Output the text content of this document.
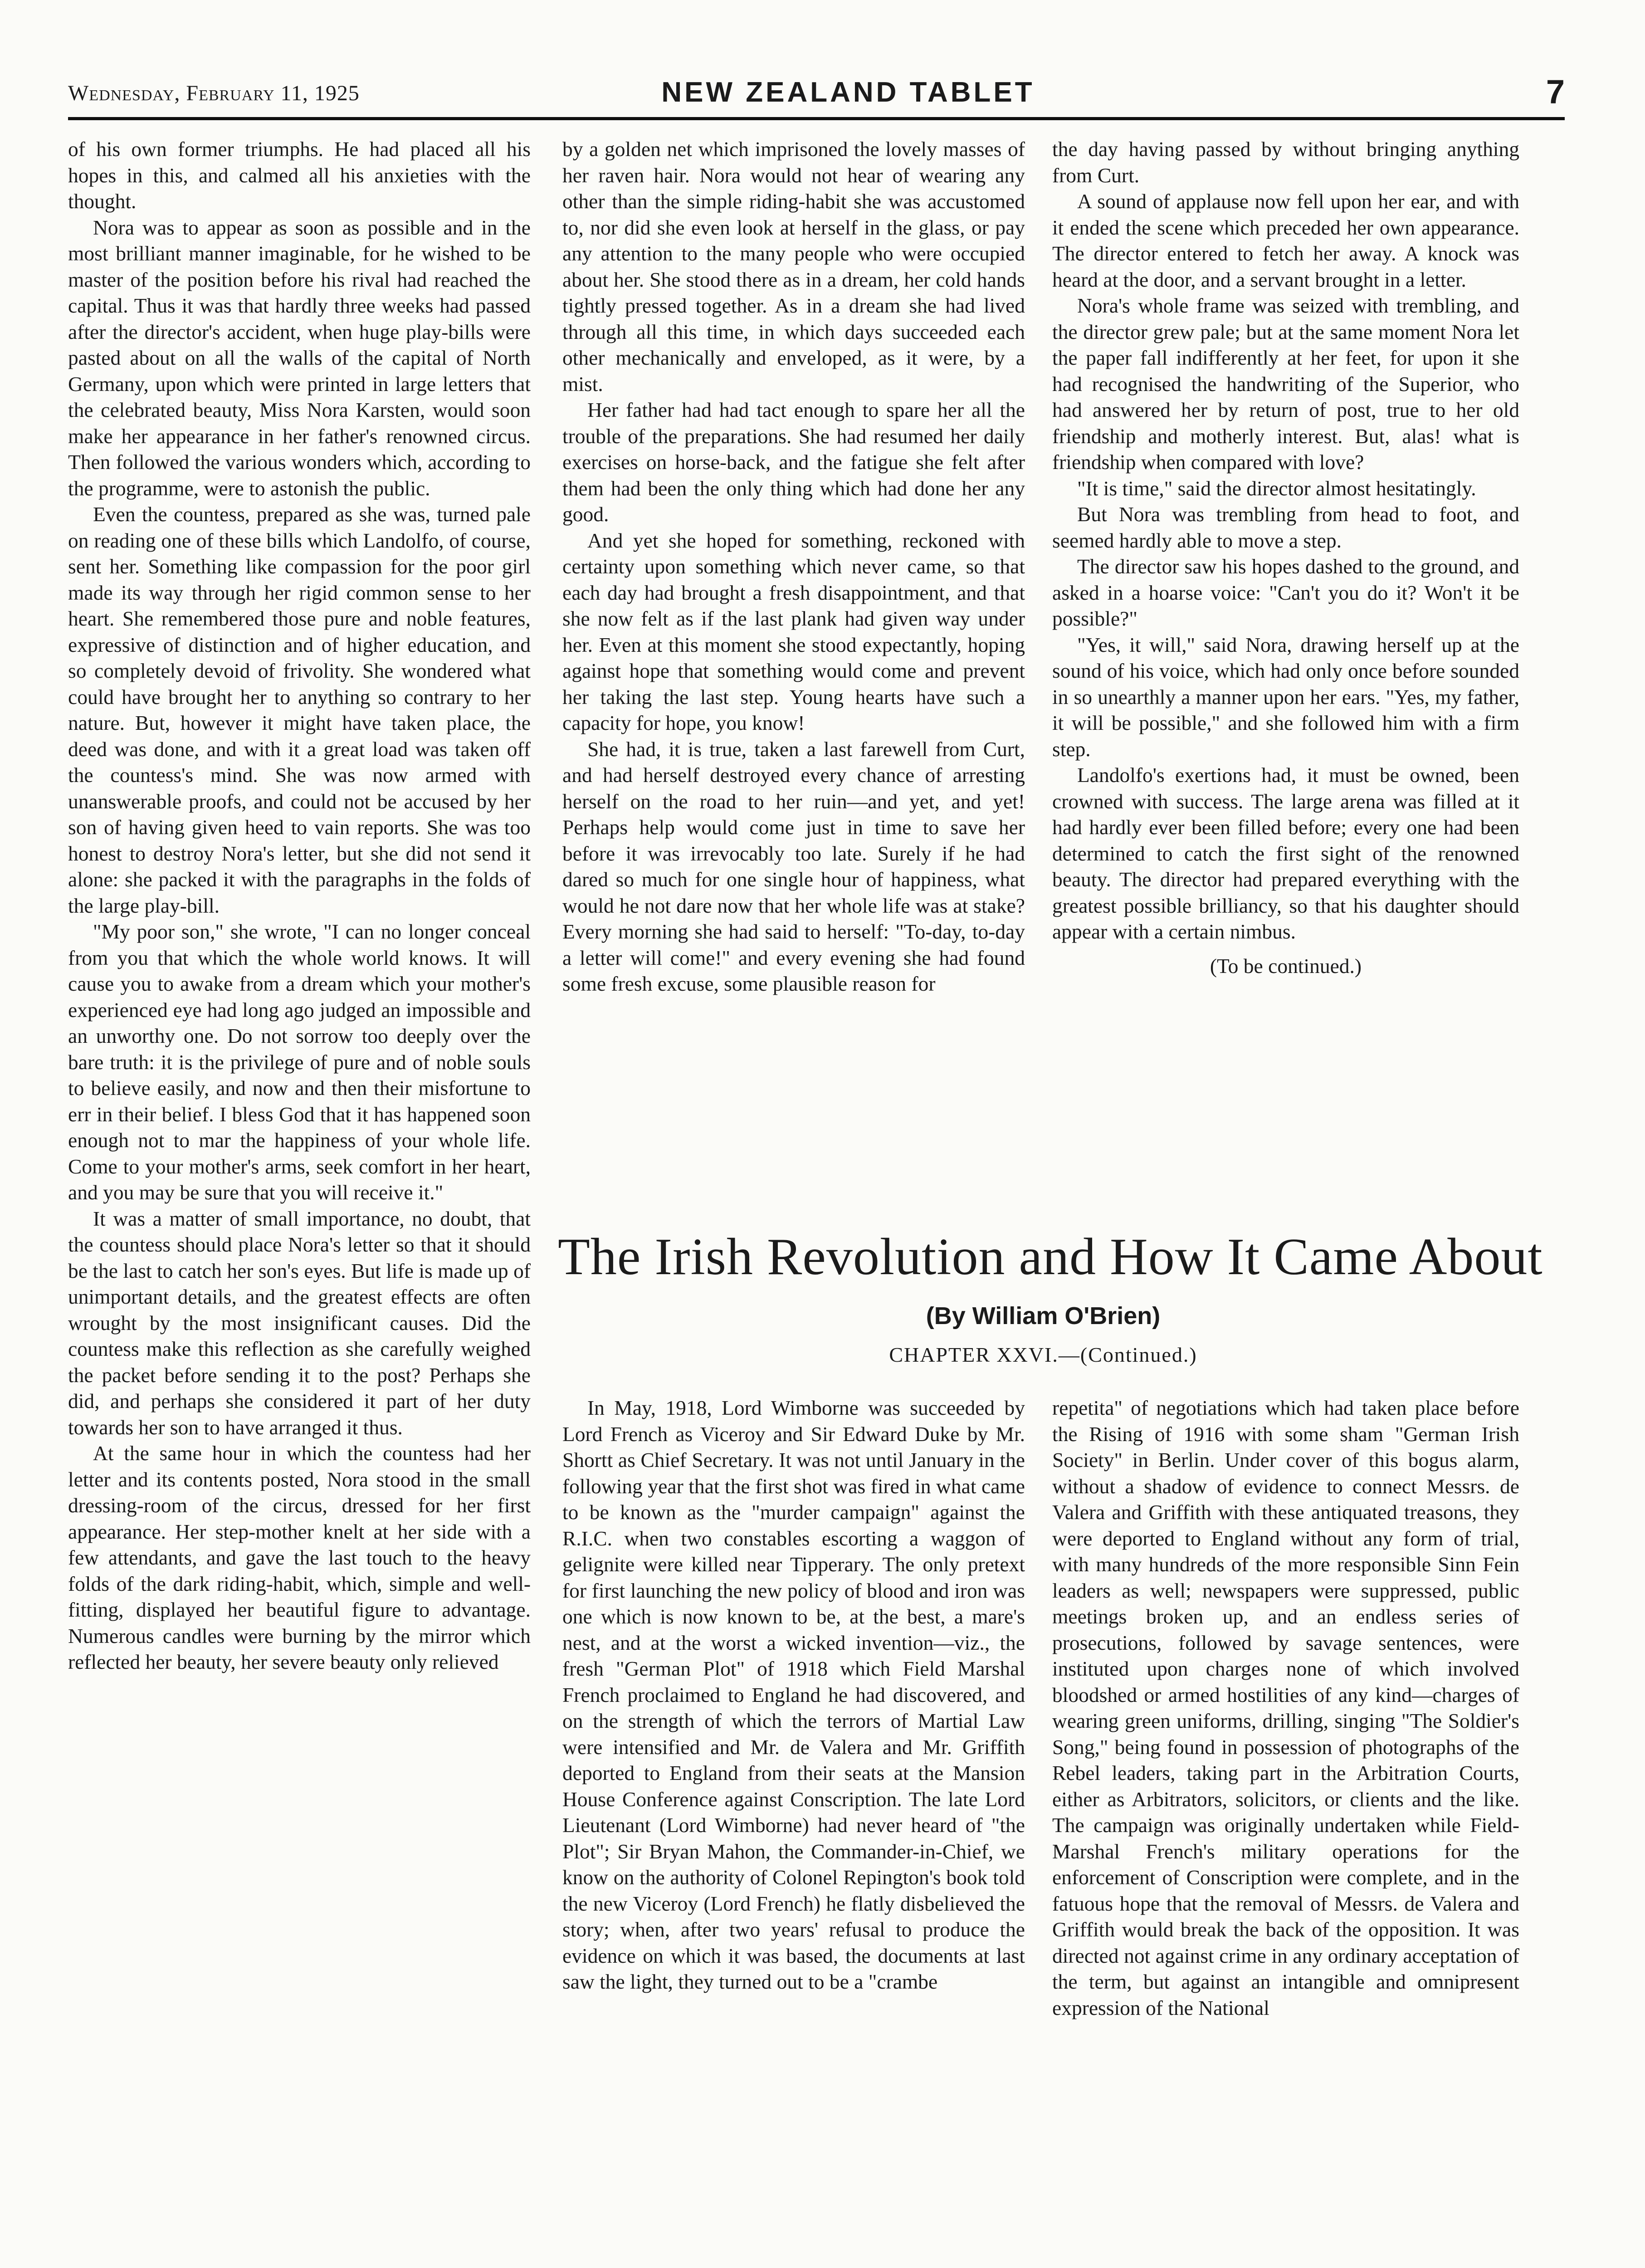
Wednesday, February 11, 1925	NEW ZEALAND TABLET	7

of his own former triumphs. He had placed all his hopes in this, and calmed all his anxieties with the thought.

Nora was to appear as soon as possible and in the most brilliant manner imaginable, for he wished to be master of the position before his rival had reached the capital. Thus it was that hardly three weeks had passed after the director's accident, when huge play-bills were pasted about on all the walls of the capital of North Germany, upon which were printed in large letters that the celebrated beauty, Miss Nora Karsten, would soon make her appearance in her father's renowned circus. Then followed the various wonders which, according to the programme, were to astonish the public.

Even the countess, prepared as she was, turned pale on reading one of these bills which Landolfo, of course, sent her. Something like compassion for the poor girl made its way through her rigid common sense to her heart. She remembered those pure and noble features, expressive of distinction and of higher education, and so completely devoid of frivolity. She wondered what could have brought her to anything so contrary to her nature. But, however it might have taken place, the deed was done, and with it a great load was taken off the countess's mind. She was now armed with unanswerable proofs, and could not be accused by her son of having given heed to vain reports. She was too honest to destroy Nora's letter, but she did not send it alone: she packed it with the paragraphs in the folds of the large play-bill.

"My poor son," she wrote, "I can no longer conceal from you that which the whole world knows. It will cause you to awake from a dream which your mother's experienced eye had long ago judged an impossible and an unworthy one. Do not sorrow too deeply over the bare truth: it is the privilege of pure and of noble souls to believe easily, and now and then their misfortune to err in their belief. I bless God that it has happened soon enough not to mar the happiness of your whole life. Come to your mother's arms, seek comfort in her heart, and you may be sure that you will receive it."

It was a matter of small importance, no doubt, that the countess should place Nora's letter so that it should be the last to catch her son's eyes. But life is made up of unimportant details, and the greatest effects are often wrought by the most insignificant causes. Did the countess make this reflection as she carefully weighed the packet before sending it to the post? Perhaps she did, and perhaps she considered it part of her duty towards her son to have arranged it thus.

At the same hour in which the countess had her letter and its contents posted, Nora stood in the small dressing-room of the circus, dressed for her first appearance. Her step-mother knelt at her side with a few attendants, and gave the last touch to the heavy folds of the dark riding-habit, which, simple and well-fitting, displayed her beautiful figure to advantage. Numerous candles were burning by the mirror which reflected her beauty, her severe beauty only relieved

by a golden net which imprisoned the lovely masses of her raven hair. Nora would not hear of wearing any other than the simple riding-habit she was accustomed to, nor did she even look at herself in the glass, or pay any attention to the many people who were occupied about her. She stood there as in a dream, her cold hands tightly pressed together. As in a dream she had lived through all this time, in which days succeeded each other mechanically and enveloped, as it were, by a mist.

Her father had had tact enough to spare her all the trouble of the preparations. She had resumed her daily exercises on horse-back, and the fatigue she felt after them had been the only thing which had done her any good.

And yet she hoped for something, reckoned with certainty upon something which never came, so that each day had brought a fresh disappointment, and that she now felt as if the last plank had given way under her. Even at this moment she stood expectantly, hoping against hope that something would come and prevent her taking the last step. Young hearts have such a capacity for hope, you know!

She had, it is true, taken a last farewell from Curt, and had herself destroyed every chance of arresting herself on the road to her ruin—and yet, and yet! Perhaps help would come just in time to save her before it was irrevocably too late. Surely if he had dared so much for one single hour of happiness, what would he not dare now that her whole life was at stake? Every morning she had said to herself: "To-day, to-day a letter will come!" and every evening she had found some fresh excuse, some plausible reason for

the day having passed by without bringing anything from Curt.

A sound of applause now fell upon her ear, and with it ended the scene which preceded her own appearance. The director entered to fetch her away. A knock was heard at the door, and a servant brought in a letter.

Nora's whole frame was seized with trembling, and the director grew pale; but at the same moment Nora let the paper fall indifferently at her feet, for upon it she had recognised the handwriting of the Superior, who had answered her by return of post, true to her old friendship and motherly interest. But, alas! what is friendship when compared with love?

"It is time," said the director almost hesitatingly.

But Nora was trembling from head to foot, and seemed hardly able to move a step.

The director saw his hopes dashed to the ground, and asked in a hoarse voice: "Can't you do it? Won't it be possible?"

"Yes, it will," said Nora, drawing herself up at the sound of his voice, which had only once before sounded in so unearthly a manner upon her ears. "Yes, my father, it will be possible," and she followed him with a firm step.

Landolfo's exertions had, it must be owned, been crowned with success. The large arena was filled at it had hardly ever been filled before; every one had been determined to catch the first sight of the renowned beauty. The director had prepared everything with the greatest possible brilliancy, so that his daughter should appear with a certain nimbus.

(To be continued.)

The Irish Revolution and How It Came About
(By William O'Brien)
CHAPTER XXVI.—(Continued.)

In May, 1918, Lord Wimborne was succeeded by Lord French as Viceroy and Sir Edward Duke by Mr. Shortt as Chief Secretary. It was not until January in the following year that the first shot was fired in what came to be known as the "murder campaign" against the R.I.C. when two constables escorting a waggon of gelignite were killed near Tipperary. The only pretext for first launching the new policy of blood and iron was one which is now known to be, at the best, a mare's nest, and at the worst a wicked invention—viz., the fresh "German Plot" of 1918 which Field Marshal French proclaimed to England he had discovered, and on the strength of which the terrors of Martial Law were intensified and Mr. de Valera and Mr. Griffith deported to England from their seats at the Mansion House Conference against Conscription. The late Lord Lieutenant (Lord Wimborne) had never heard of "the Plot"; Sir Bryan Mahon, the Commander-in-Chief, we know on the authority of Colonel Repington's book told the new Viceroy (Lord French) he flatly disbelieved the story; when, after two years' refusal to produce the evidence on which it was based, the documents at last saw the light, they turned out to be a "crambe

repetita" of negotiations which had taken place before the Rising of 1916 with some sham "German Irish Society" in Berlin. Under cover of this bogus alarm, without a shadow of evidence to connect Messrs. de Valera and Griffith with these antiquated treasons, they were deported to England without any form of trial, with many hundreds of the more responsible Sinn Fein leaders as well; newspapers were suppressed, public meetings broken up, and an endless series of prosecutions, followed by savage sentences, were instituted upon charges none of which involved bloodshed or armed hostilities of any kind—charges of wearing green uniforms, drilling, singing "The Soldier's Song," being found in possession of photographs of the Rebel leaders, taking part in the Arbitration Courts, either as Arbitrators, solicitors, or clients and the like. The campaign was originally undertaken while Field-Marshal French's military operations for the enforcement of Conscription were complete, and in the fatuous hope that the removal of Messrs. de Valera and Griffith would break the back of the opposition. It was directed not against crime in any ordinary acceptation of the term, but against an intangible and omnipresent expression of the National
